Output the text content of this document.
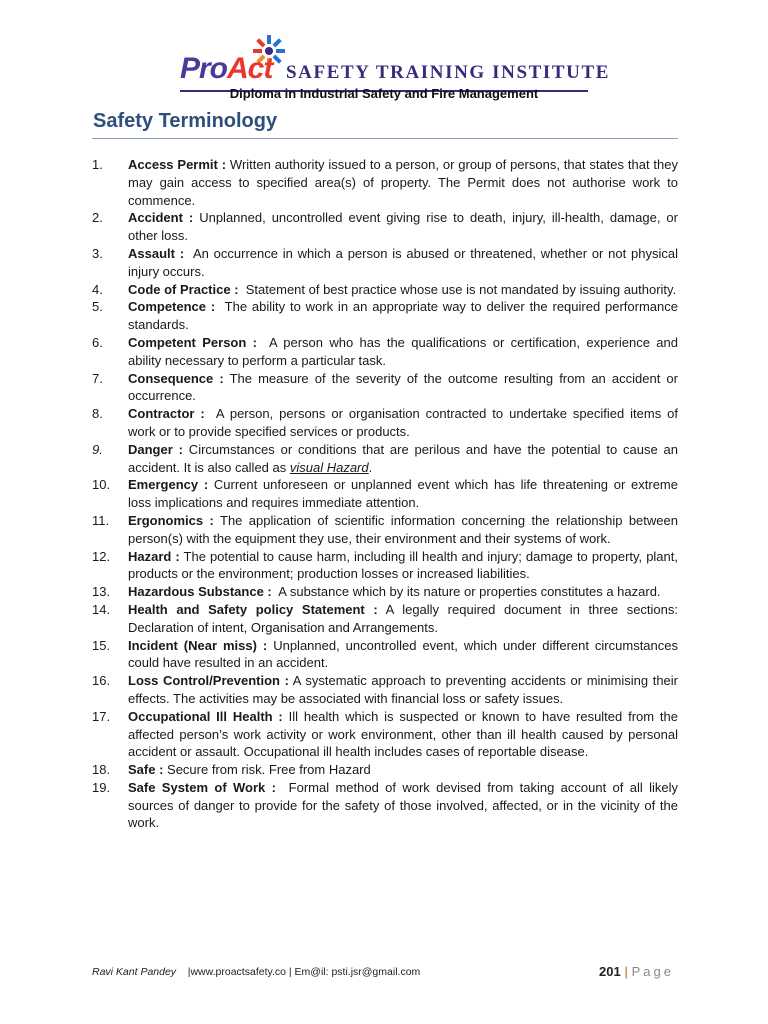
ProAct SAFETY TRAINING INSTITUTE
Diploma in Industrial Safety and Fire Management
Safety Terminology
1.	Access Permit : Written authority issued to a person, or group of persons, that states that they may gain access to specified area(s) of property. The Permit does not authorise work to commence.
2.	Accident : Unplanned, uncontrolled event giving rise to death, injury, ill-health, damage, or other loss.
3.	Assault :  An occurrence in which a person is abused or threatened, whether or not physical injury occurs.
4.	Code of Practice :  Statement of best practice whose use is not mandated by issuing authority.
5.	Competence :  The ability to work in an appropriate way to deliver the required performance standards.
6.	Competent Person :  A person who has the qualifications or certification, experience and ability necessary to perform a particular task.
7.	Consequence : The measure of the severity of the outcome resulting from an accident or occurrence.
8.	Contractor :  A person, persons or organisation contracted to undertake specified items of work or to provide specified services or products.
9.	Danger : Circumstances or conditions that are perilous and have the potential to cause an accident. It is also called as visual Hazard.
10.	Emergency : Current unforeseen or unplanned event which has life threatening or extreme loss implications and requires immediate attention.
11.	Ergonomics : The application of scientific information concerning the relationship between person(s) with the equipment they use, their environment and their systems of work.
12.	Hazard : The potential to cause harm, including ill health and injury; damage to property, plant, products or the environment; production losses or increased liabilities.
13.	Hazardous Substance :  A substance which by its nature or properties constitutes a hazard.
14.	Health and Safety policy Statement : A legally required document in three sections: Declaration of intent, Organisation and Arrangements.
15.	Incident (Near miss) : Unplanned, uncontrolled event, which under different circumstances could have resulted in an accident.
16.	Loss Control/Prevention : A systematic approach to preventing accidents or minimising their effects. The activities may be associated with financial loss or safety issues.
17.	Occupational Ill Health : Ill health which is suspected or known to have resulted from the affected person’s work activity or work environment, other than ill health caused by personal accident or assault. Occupational ill health includes cases of reportable disease.
18.	Safe : Secure from risk. Free from Hazard
19.	Safe System of Work :  Formal method of work devised from taking account of all likely sources of danger to provide for the safety of those involved, affected, or in the vicinity of the work.
Ravi Kant Pandey    |www.proactsafety.co | Em@il: psti.jsr@gmail.com	201 | Page
